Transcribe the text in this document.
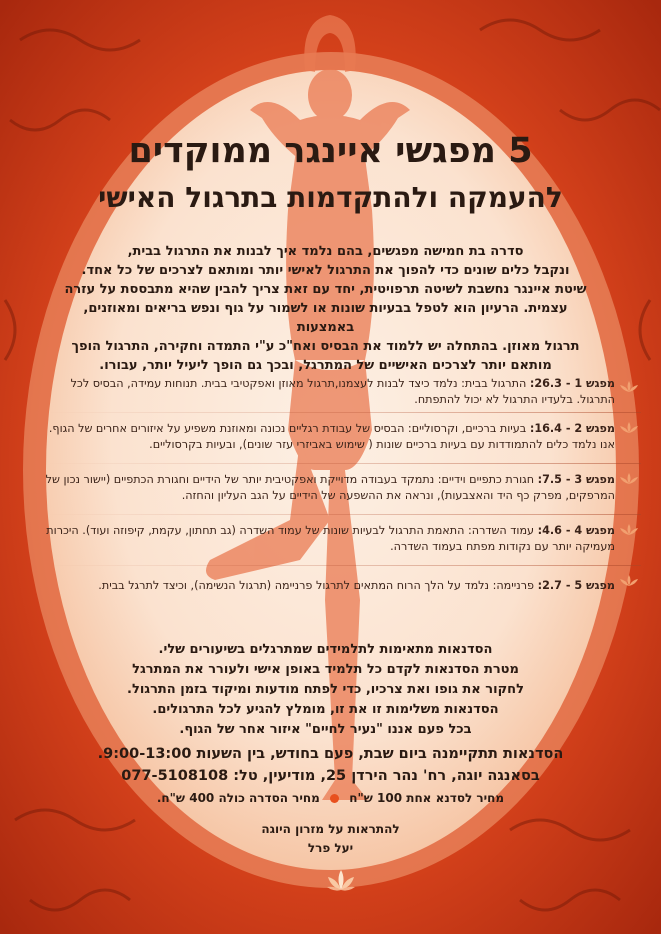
5 מפגשי איינגר ממוקדים
להעמקה ולהתקדמות בתרגול האישי
סדרה בת חמישה מפגשים, בהם נלמד איך לבנות את התרגול בבית,
ונקבל כלים שונים כדי להפוך את התרגול לאישי יותר ומותאם לצרכים של כל אחד.
שיטת איינגר נחשבת לשיטה תרפויטית, יחד עם זאת צריך להבין שהיא מתבססת על עזרה
עצמית. הרעיון הוא לטפל בבעיות שונות או לשמור על גוף ונפש בריאים ומאוזנים, באמצעות
תרגול מאוזן. בהתחלה יש ללמוד את הבסיס ואח"כ ע"י התמדה וחקירה, התרגול הופך
מותאם יותר לצרכים האישיים של המתרגל, ובכך גם הופך ליעיל יותר, עבורו.
מפגש 1 - 26.3: התרגול בבית: נלמד כיצד לבנות לעצמנו,תרגול מאוזן ואפקטיבי בבית. תנוחות עמידה, הבסיס לכל התרגול. בלעדיו התרגול לא יכול להתפתח.
מפגש 2 - 16.4: בעיות ברכיים, וקרסוליים: הבסיס של עבודת רגליים נכונה ומאוזנת משפיע על איזורים אחרים של הגוף. אנו נלמד כלים להתמודדות עם בעיות ברכיים שונות ( שימוש באביזרי עזר שונים), ובעיות בקרסוליים.
מפגש 3 - 7.5: חגורת כתפיים וידיים: נתמקד בעבודה מדוייקת ואפקטיבית יותר של הידיים וחגורת הכתפיים (יישור נכון של המרפקים, מפרק כף היד והאצבעות), ונראה את ההשפעה של הידיים על הגב העליון והחזה.
מפגש 4 - 4.6: עמוד השדרה: התאמת התרגול לבעיות שונות של עמוד השדרה (גב תחתון, עקמת, קיפוזה ועוד). היכרות מעמיקה יותר עם נקודות מפתח בעמוד השדרה.
מפגש 5 - 2.7: פרניימה: נלמד על הלך הרוח המתאים לתרגול פרניימה (תרגול הנשימה), וכיצד לתרגל בבית.
הסדנאות מתאימות לתלמידים שמתרגלים בשיעורים שלי.
מטרת הסדנאות לקדם כל תלמיד באופן אישי ולעורר את המתרגל
לחקור את גופו ואת צרכיו, כדי לפתח מודעות ומיקוד בזמן התרגול.
הסדנאות משלימות זו את זו, מומלץ להגיע לכל התרגולים.
בכל פעם אננו "נעיר לחיים" איזור אחר של הגוף.
הסדנאות תתקיימנה ביום שבת, פעם בחודש, בין השעות 9:00-13:00.
בסאנגה יוגה, רח' נהר הירדן 25, מודיעין, טל: 077-5108108
מחיר לסדנא אחת 100 ש"ח  מחיר הסדרה כולה 400 ש"ח.
להתראות על מזרון היוגה
יעל פרל
